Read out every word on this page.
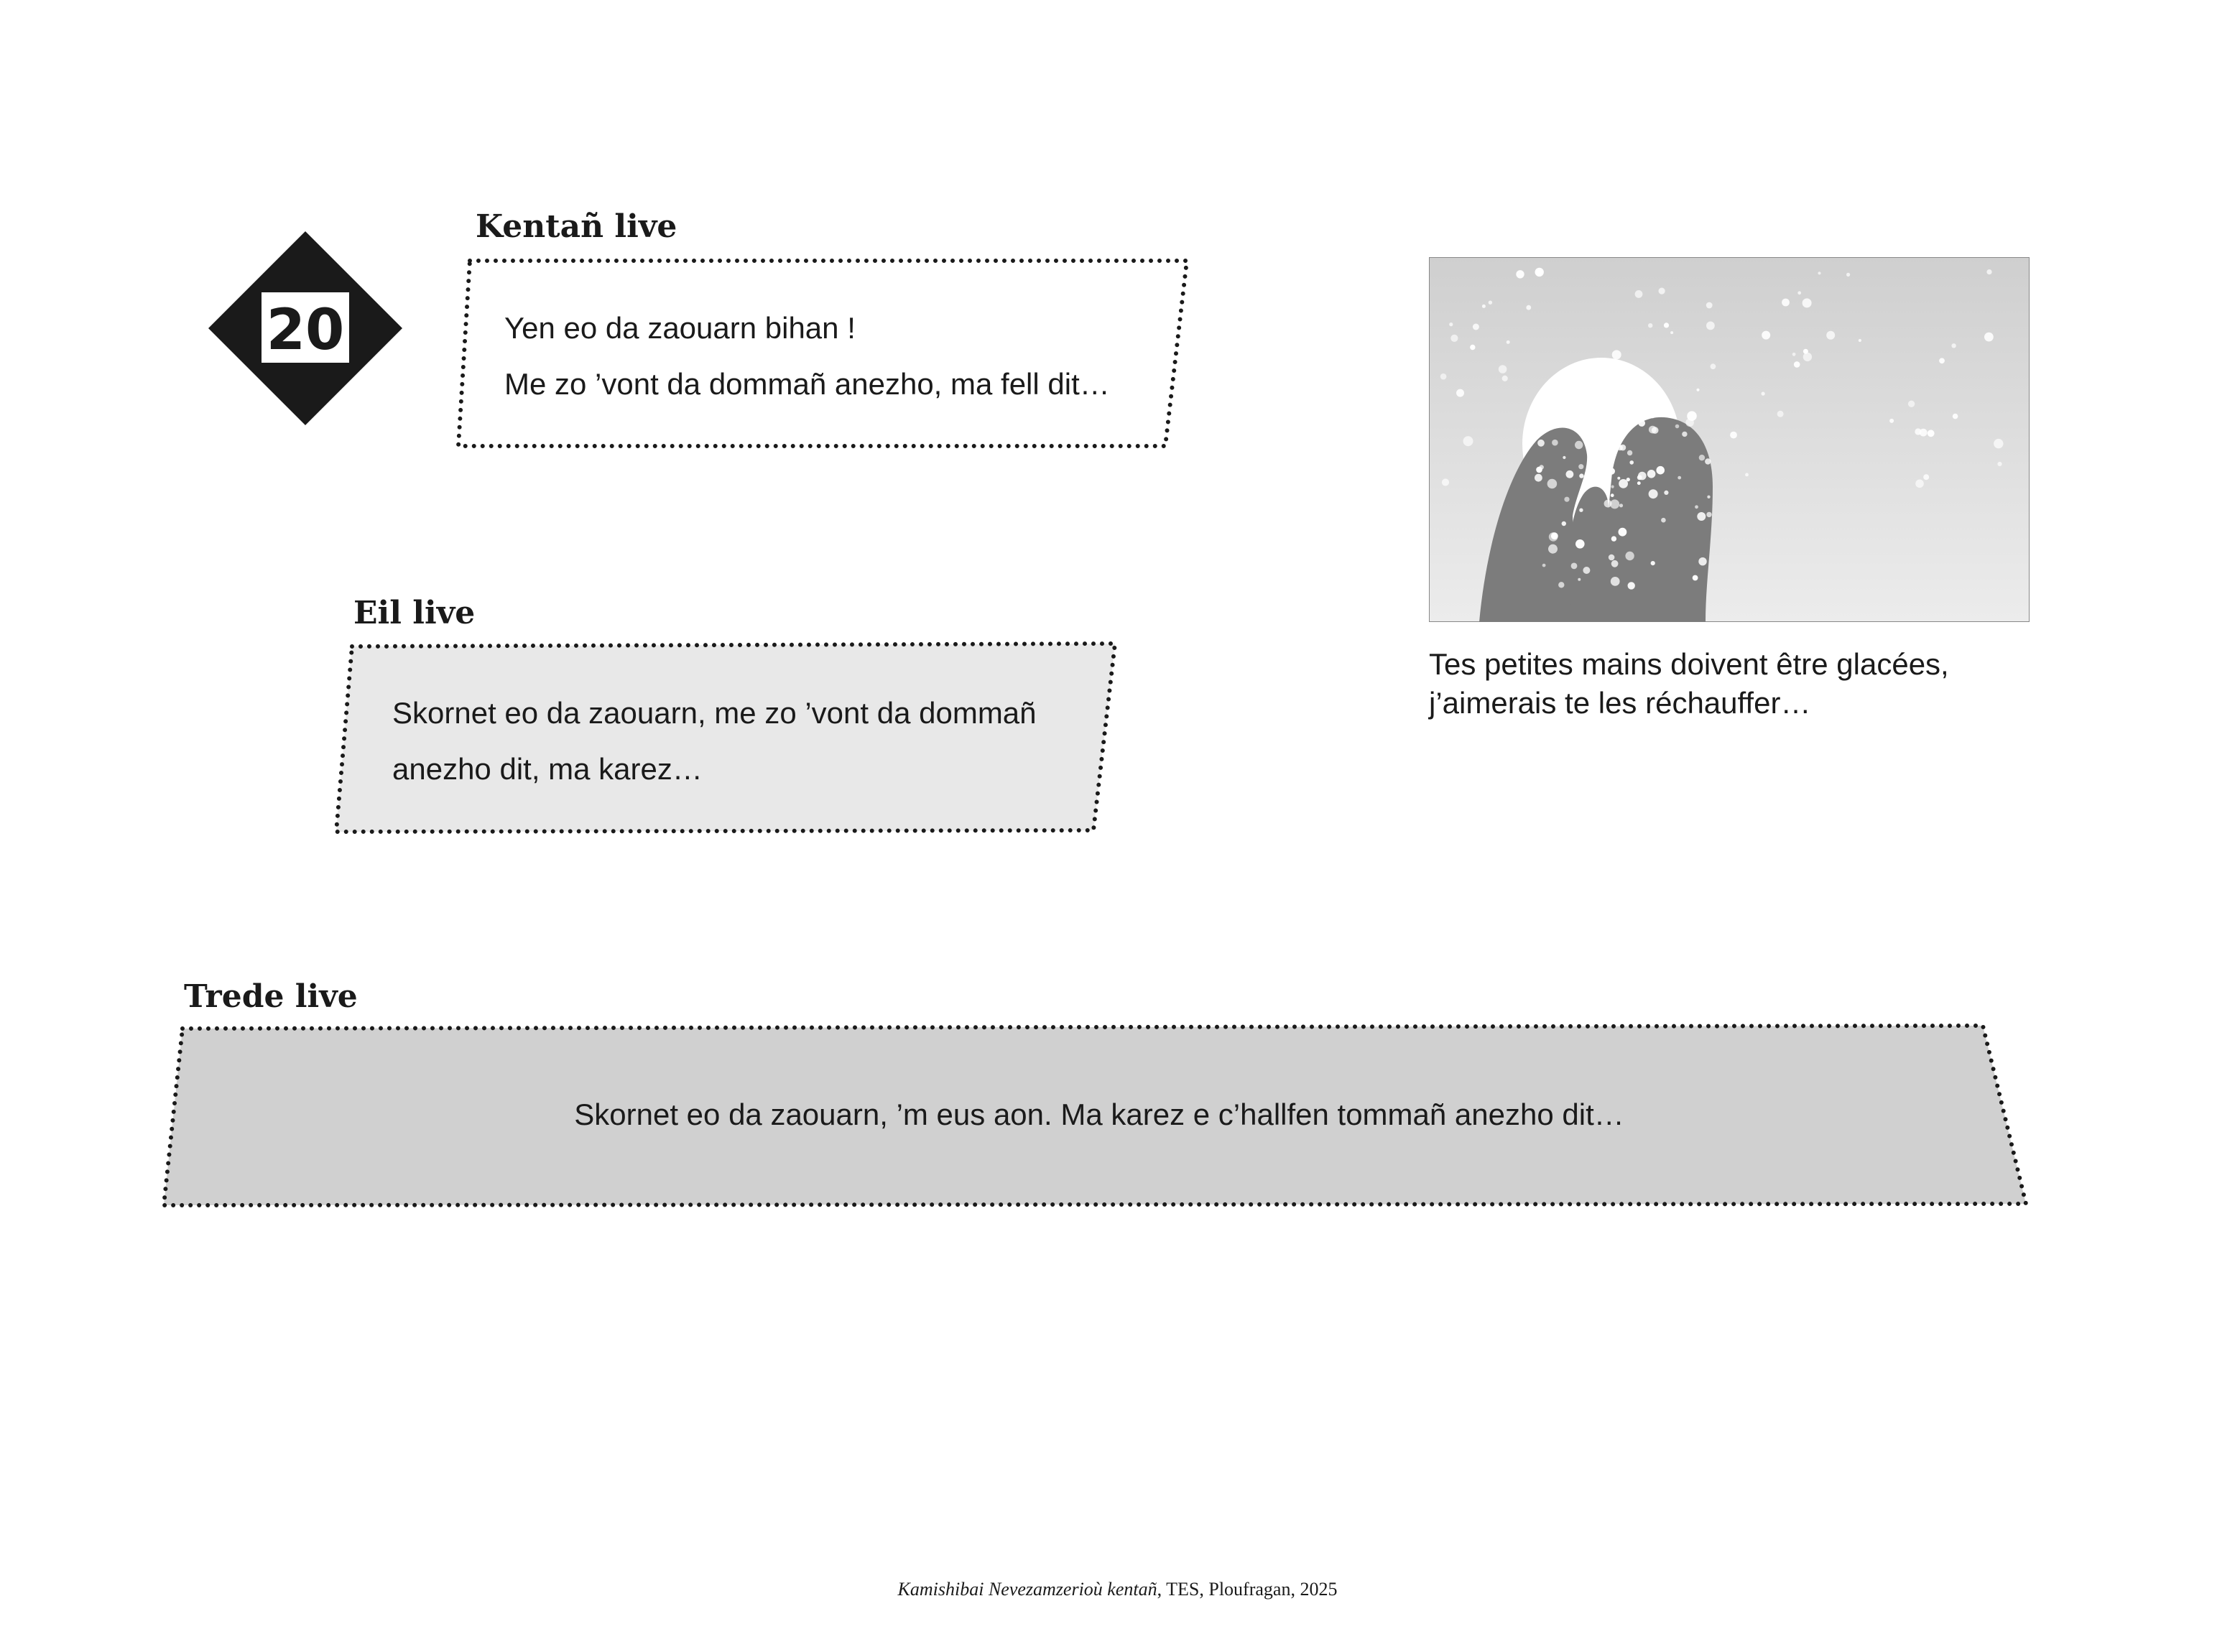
20
Kentañ live
Yen eo da zaouarn bihan !
Me zo ’vont da dommañ anezho, ma fell dit…
Eil live
Skornet eo da zaouarn, me zo ’vont da dommañ
anezho dit, ma karez…
Trede live
Skornet eo da zaouarn, ’m eus aon. Ma karez e c’hallfen tommañ anezho dit…
Tes petites mains doivent être glacées,
j’aimerais te les réchauffer…
Kamishibai Nevezamzerioù kentañ, TES, Ploufragan, 2025
